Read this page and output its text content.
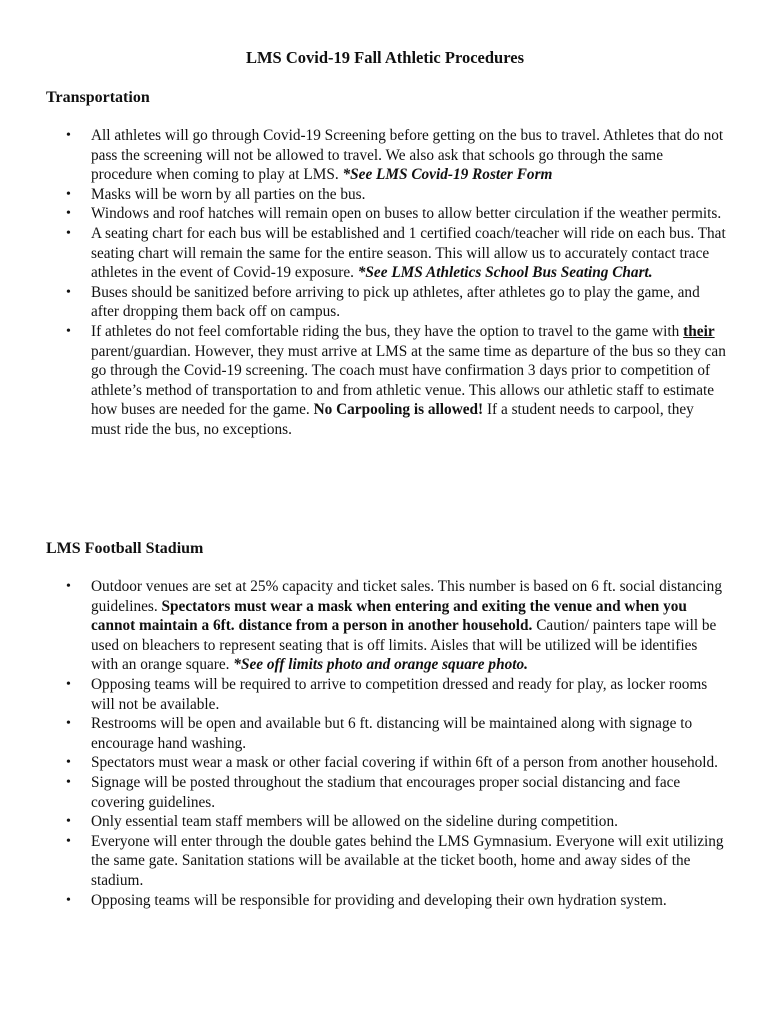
LMS Covid-19 Fall Athletic Procedures
Transportation
• All athletes will go through Covid-19 Screening before getting on the bus to travel. Athletes that do not pass the screening will not be allowed to travel. We also ask that schools go through the same procedure when coming to play at LMS. *See LMS Covid-19 Roster Form
• Masks will be worn by all parties on the bus.
• Windows and roof hatches will remain open on buses to allow better circulation if the weather permits.
• A seating chart for each bus will be established and 1 certified coach/teacher will ride on each bus. That seating chart will remain the same for the entire season. This will allow us to accurately contact trace athletes in the event of Covid-19 exposure. *See LMS Athletics School Bus Seating Chart.
• Buses should be sanitized before arriving to pick up athletes, after athletes go to play the game, and after dropping them back off on campus.
• If athletes do not feel comfortable riding the bus, they have the option to travel to the game with their parent/guardian. However, they must arrive at LMS at the same time as departure of the bus so they can go through the Covid-19 screening. The coach must have confirmation 3 days prior to competition of athlete’s method of transportation to and from athletic venue. This allows our athletic staff to estimate how buses are needed for the game. No Carpooling is allowed! If a student needs to carpool, they must ride the bus, no exceptions.
LMS Football Stadium
• Outdoor venues are set at 25% capacity and ticket sales. This number is based on 6 ft. social distancing guidelines. Spectators must wear a mask when entering and exiting the venue and when you cannot maintain a 6ft. distance from a person in another household. Caution/ painters tape will be used on bleachers to represent seating that is off limits. Aisles that will be utilized will be identifies with an orange square. *See off limits photo and orange square photo.
• Opposing teams will be required to arrive to competition dressed and ready for play, as locker rooms will not be available.
• Restrooms will be open and available but 6 ft. distancing will be maintained along with signage to encourage hand washing.
• Spectators must wear a mask or other facial covering if within 6ft of a person from another household.
• Signage will be posted throughout the stadium that encourages proper social distancing and face covering guidelines.
• Only essential team staff members will be allowed on the sideline during competition.
• Everyone will enter through the double gates behind the LMS Gymnasium. Everyone will exit utilizing the same gate. Sanitation stations will be available at the ticket booth, home and away sides of the stadium.
• Opposing teams will be responsible for providing and developing their own hydration system.
